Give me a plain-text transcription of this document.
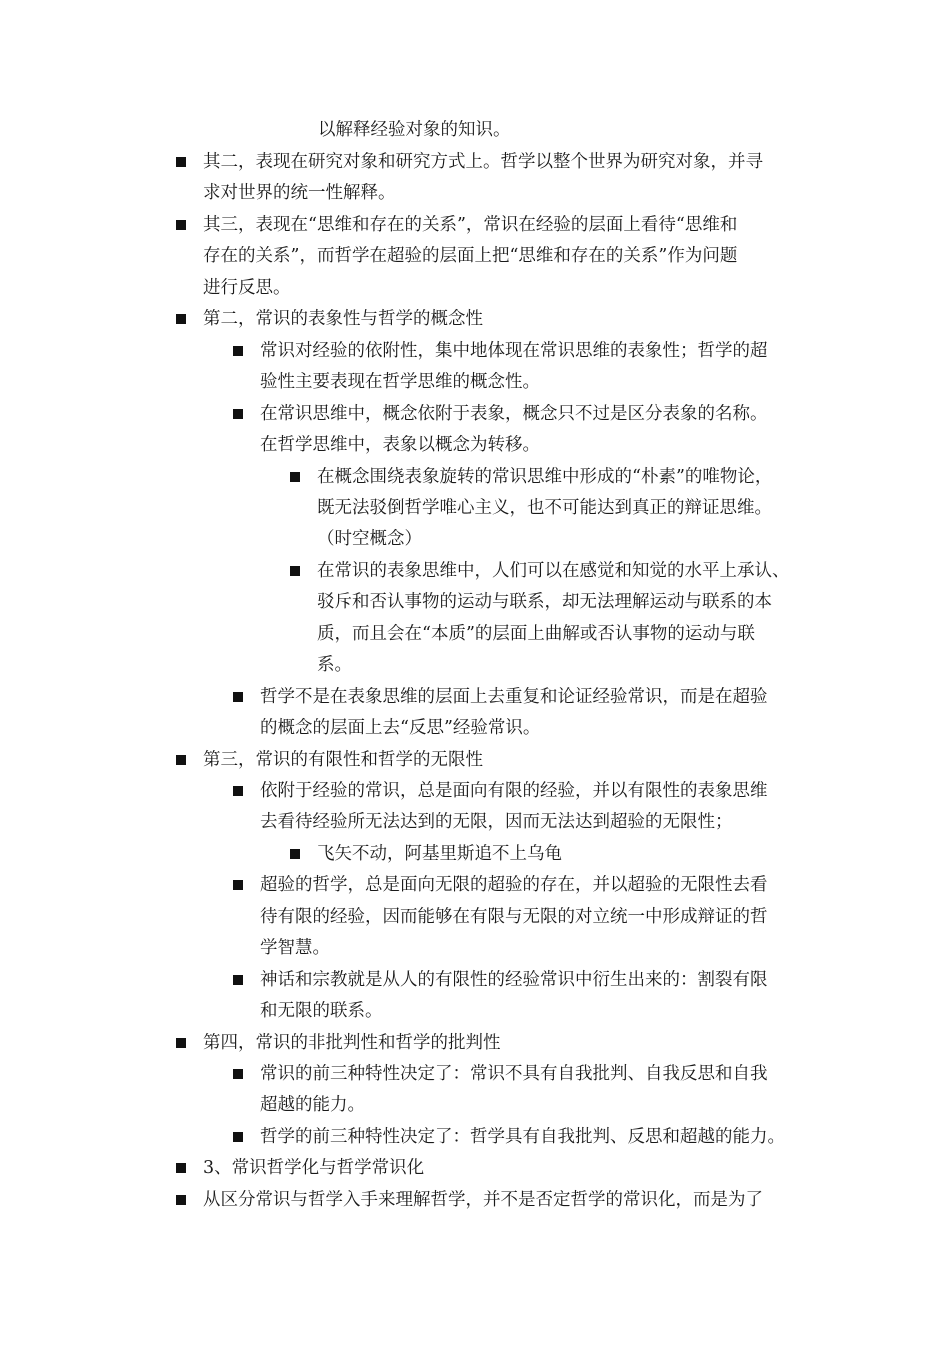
以解释经验对象的知识。
其二，表现在研究对象和研究方式上。哲学以整个世界为研究对象，并寻
求对世界的统一性解释。
其三，表现在“思维和存在的关系”，常识在经验的层面上看待“思维和
存在的关系”，而哲学在超验的层面上把“思维和存在的关系”作为问题
进行反思。
第二，常识的表象性与哲学的概念性
常识对经验的依附性，集中地体现在常识思维的表象性；哲学的超
验性主要表现在哲学思维的概念性。
在常识思维中，概念依附于表象，概念只不过是区分表象的名称。
在哲学思维中，表象以概念为转移。
在概念围绕表象旋转的常识思维中形成的“朴素”的唯物论，
既无法驳倒哲学唯心主义，也不可能达到真正的辩证思维。
（时空概念）
在常识的表象思维中，人们可以在感觉和知觉的水平上承认、
驳斥和否认事物的运动与联系，却无法理解运动与联系的本
质，而且会在“本质”的层面上曲解或否认事物的运动与联
系。
哲学不是在表象思维的层面上去重复和论证经验常识，而是在超验
的概念的层面上去“反思”经验常识。
第三，常识的有限性和哲学的无限性
依附于经验的常识，总是面向有限的经验，并以有限性的表象思维
去看待经验所无法达到的无限，因而无法达到超验的无限性；
飞矢不动，阿基里斯追不上乌龟
超验的哲学，总是面向无限的超验的存在，并以超验的无限性去看
待有限的经验，因而能够在有限与无限的对立统一中形成辩证的哲
学智慧。
神话和宗教就是从人的有限性的经验常识中衍生出来的：割裂有限
和无限的联系。
第四，常识的非批判性和哲学的批判性
常识的前三种特性决定了：常识不具有自我批判、自我反思和自我
超越的能力。
哲学的前三种特性决定了：哲学具有自我批判、反思和超越的能力。
3、常识哲学化与哲学常识化
从区分常识与哲学入手来理解哲学，并不是否定哲学的常识化，而是为了
